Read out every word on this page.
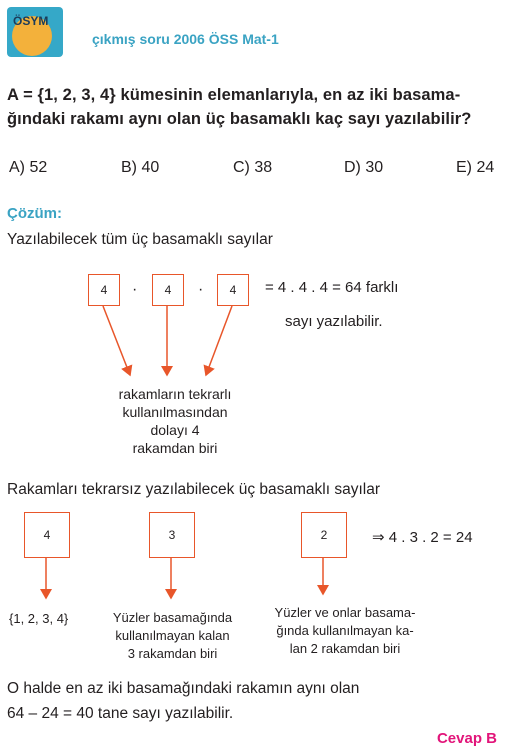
ÖSYM
çıkmış soru 2006 ÖSS Mat-1
A = {1, 2, 3, 4} kümesinin elemanlarıyla, en az iki basama-
ğındaki rakamı aynı olan üç basamaklı kaç sayı yazılabilir?
A) 52	B) 40	C) 38	D) 30	E) 24
Çözüm:
Yazılabilecek tüm üç basamaklı sayılar
4	·	4	·	4	= 4 . 4 . 4 = 64 farklı
sayı yazılabilir.
rakamların tekrarlı
kullanılmasından
dolayı 4
rakamdan biri
Rakamları tekrarsız yazılabilecek üç basamaklı sayılar
4	3	2	⇒ 4 . 3 . 2 = 24
{1, 2, 3, 4}	Yüzler basamağında
kullanılmayan kalan
3 rakamdan biri
Yüzler ve onlar basama-
ğında kullanılmayan ka-
lan 2 rakamdan biri
O halde en az iki basamağındaki rakamın aynı olan
64 – 24 = 40 tane sayı yazılabilir.
Cevap B
